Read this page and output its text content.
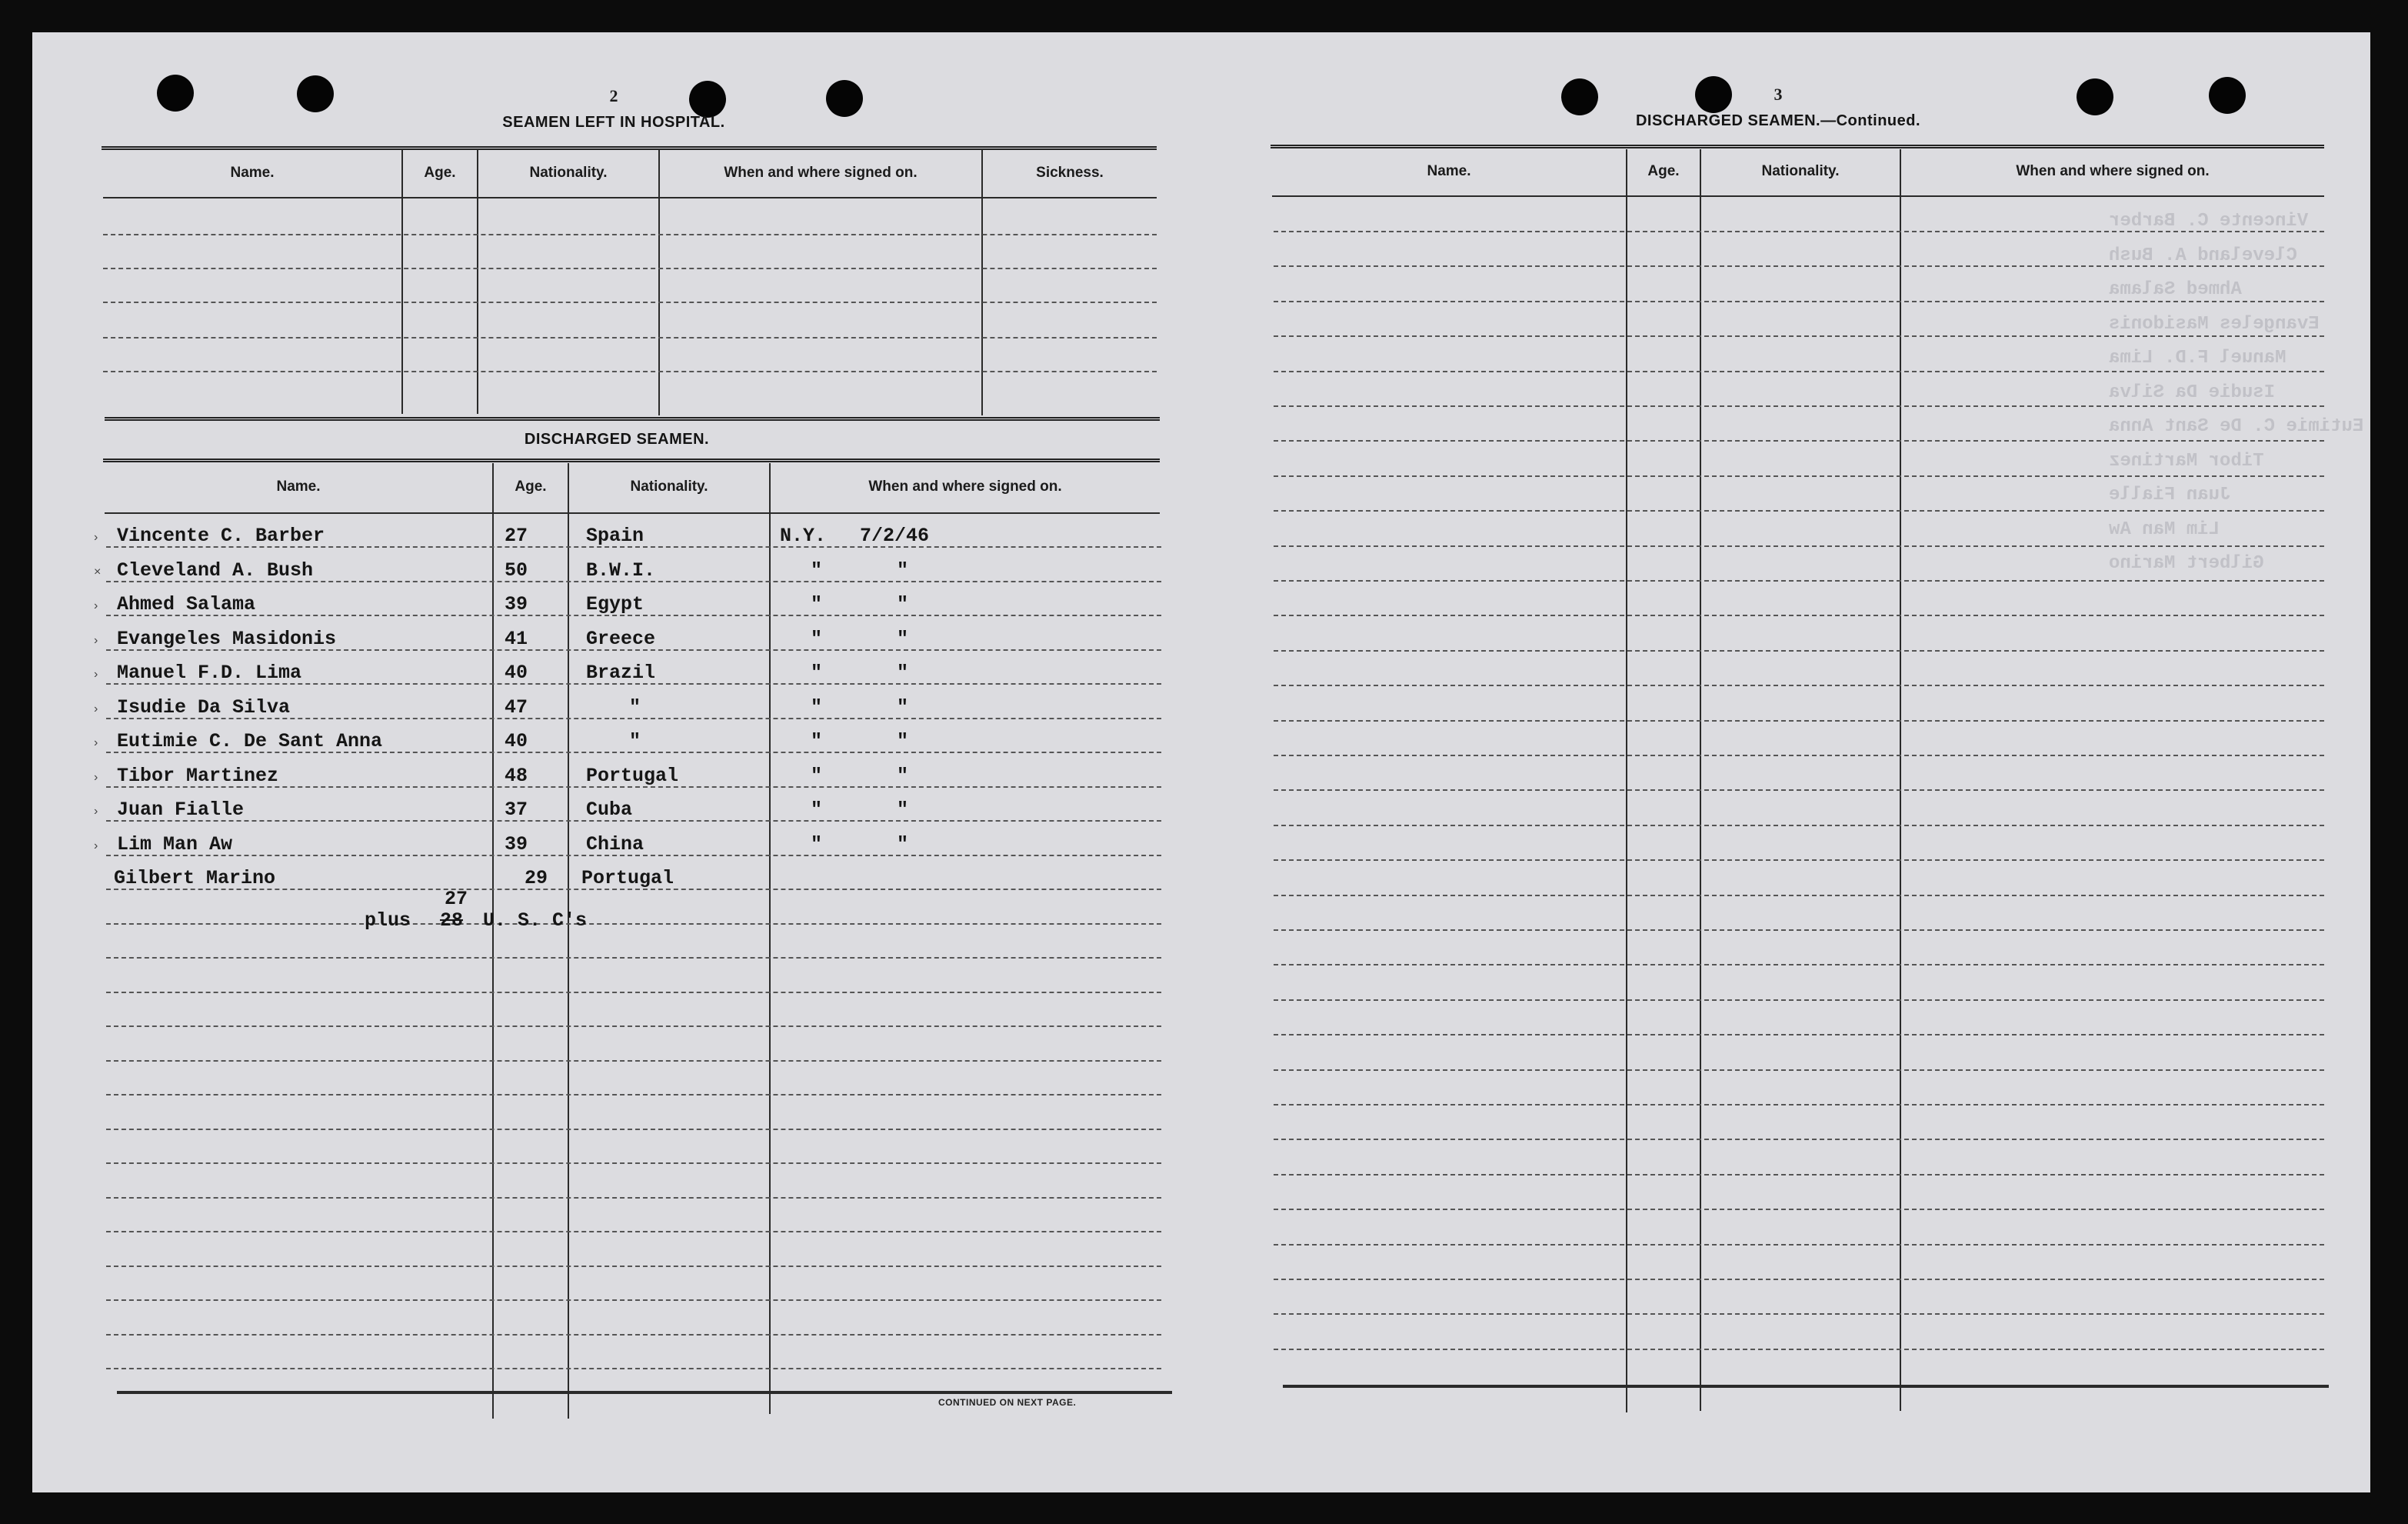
2
SEAMEN LEFT IN HOSPITAL.
Name.	Age.	Nationality.	When and where signed on.	Sickness.
DISCHARGED SEAMEN.
Name.	Age.	Nationality.	When and where signed on.
› Vincente C. Barber	27	Spain	N.Y. 7/2/46
× Cleveland A. Bush	50	B.W.I.	"	"
› Ahmed Salama	39	Egypt	"	"
› Evangeles Masidonis	41	Greece	"	"
› Manuel F.D. Lima	40	Brazil	"	"
› Isudie Da Silva	47	"	"	"
› Eutimie C. De Sant Anna	40	"	"	"
› Tibor Martinez	48	Portugal	"	"
› Juan Fialle	37	Cuba	"	"
› Lim Man Aw	39	China	"	"
Gilbert Marino	29 Portugal
plus
27
28 U. S. C's
CONTINUED ON NEXT PAGE.
3
DISCHARGED SEAMEN.—Continued.
Name.	Age.	Nationality.	When and where signed on.
Vincente C. Barber
Cleveland A. Bush
Ahmed Salama
Evangeles Masidonis
Manuel F.D. Lima
Isudie Da Silva
Eutimie C. De Sant Anna
Tibor Martinez
Juan Fialle
Lim Man Aw
Gilbert Marino
